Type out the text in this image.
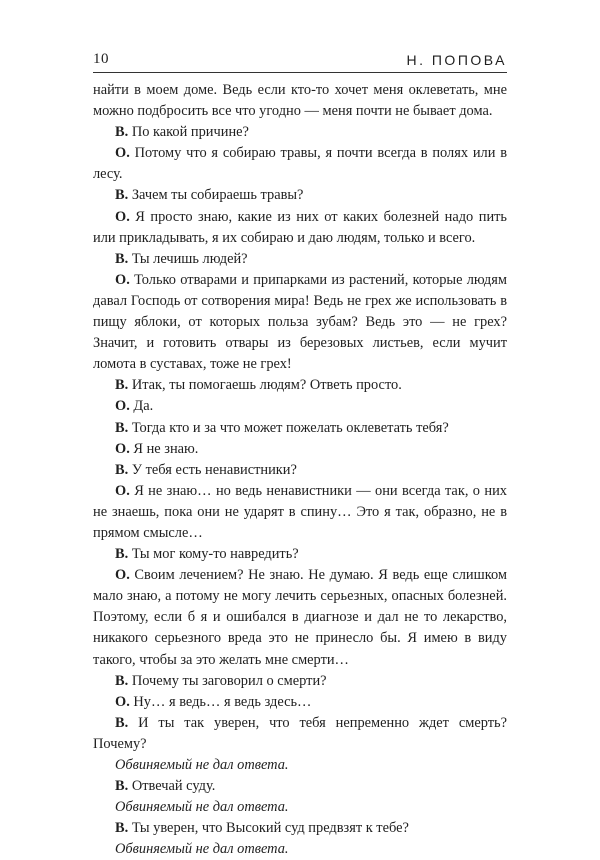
10	Н. ПОПОВА

найти в моем доме. Ведь если кто-то хочет меня оклеветать, мне можно подбросить все что угодно — меня почти не бывает дома.

В. По какой причине?

О. Потому что я собираю травы, я почти всегда в полях или в лесу.

В. Зачем ты собираешь травы?

О. Я просто знаю, какие из них от каких болезней надо пить или прикладывать, я их собираю и даю людям, только и всего.

В. Ты лечишь людей?

О. Только отварами и припарками из растений, которые людям давал Господь от сотворения мира! Ведь не грех же использовать в пищу яблоки, от которых польза зубам? Ведь это — не грех? Значит, и готовить отвары из березовых листьев, если мучит ломота в суставах, тоже не грех!

В. Итак, ты помогаешь людям? Ответь просто.

О. Да.

В. Тогда кто и за что может пожелать оклеветать тебя?

О. Я не знаю.

В. У тебя есть ненавистники?

О. Я не знаю… но ведь ненавистники — они всегда так, о них не знаешь, пока они не ударят в спину… Это я так, образно, не в прямом смысле…

В. Ты мог кому-то навредить?

О. Своим лечением? Не знаю. Не думаю. Я ведь еще слишком мало знаю, а потому не могу лечить серьезных, опасных болезней. Поэтому, если б я и ошибался в диагнозе и дал не то лекарство, никакого серьезного вреда это не принесло бы. Я имею в виду такого, чтобы за это желать мне смерти…

В. Почему ты заговорил о смерти?

О. Ну… я ведь… я ведь здесь…

В. И ты так уверен, что тебя непременно ждет смерть? Почему?

Обвиняемый не дал ответа.

В. Отвечай суду.

Обвиняемый не дал ответа.

В. Ты уверен, что Высокий суд предвзят к тебе?

Обвиняемый не дал ответа.
